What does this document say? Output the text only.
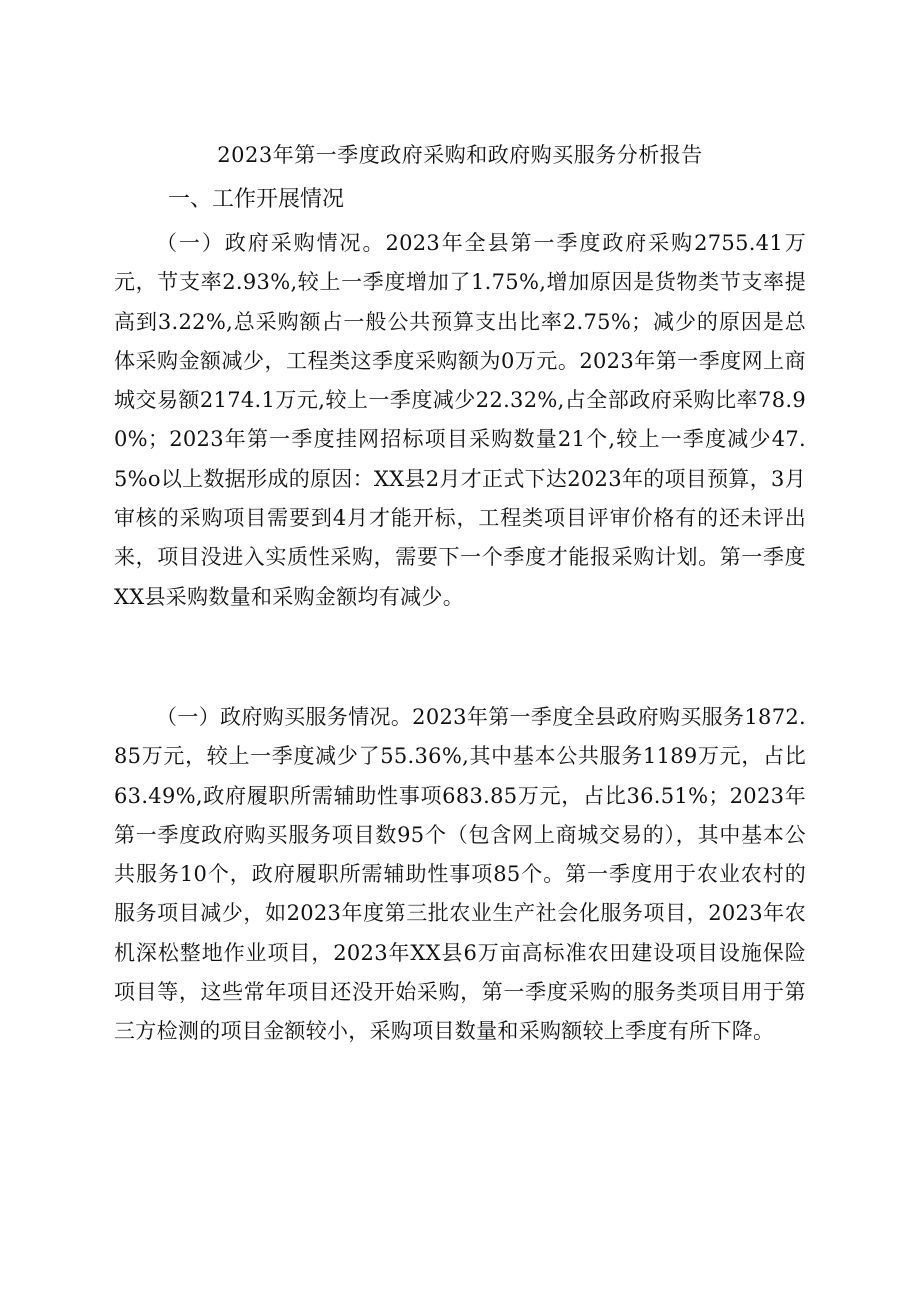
2023年第一季度政府采购和政府购买服务分析报告
一、工作开展情况

（一）政府采购情况。2023年全县第一季度政府采购2755.41万元，节支率2.93%,较上一季度增加了1.75%,增加原因是货物类节支率提高到3.22%,总采购额占一般公共预算支出比率2.75%；减少的原因是总体采购金额减少，工程类这季度采购额为0万元。2023年第一季度网上商城交易额2174.1万元,较上一季度减少22.32%,占全部政府采购比率78.90%；2023年第一季度挂网招标项目采购数量21个,较上一季度减少47.5%o以上数据形成的原因：XX县2月才正式下达2023年的项目预算，3月审核的采购项目需要到4月才能开标，工程类项目评审价格有的还未评出来，项目没进入实质性采购，需要下一个季度才能报采购计划。第一季度XX县采购数量和采购金额均有减少。

（一）政府购买服务情况。2023年第一季度全县政府购买服务1872.85万元，较上一季度减少了55.36%,其中基本公共服务1189万元，占比63.49%,政府履职所需辅助性事项683.85万元，占比36.51%；2023年第一季度政府购买服务项目数95个（包含网上商城交易的），其中基本公共服务10个，政府履职所需辅助性事项85个。第一季度用于农业农村的服务项目减少，如2023年度第三批农业生产社会化服务项目，2023年农机深松整地作业项目，2023年XX县6万亩高标准农田建设项目设施保险项目等，这些常年项目还没开始采购，第一季度采购的服务类项目用于第三方检测的项目金额较小，采购项目数量和采购额较上季度有所下降。
